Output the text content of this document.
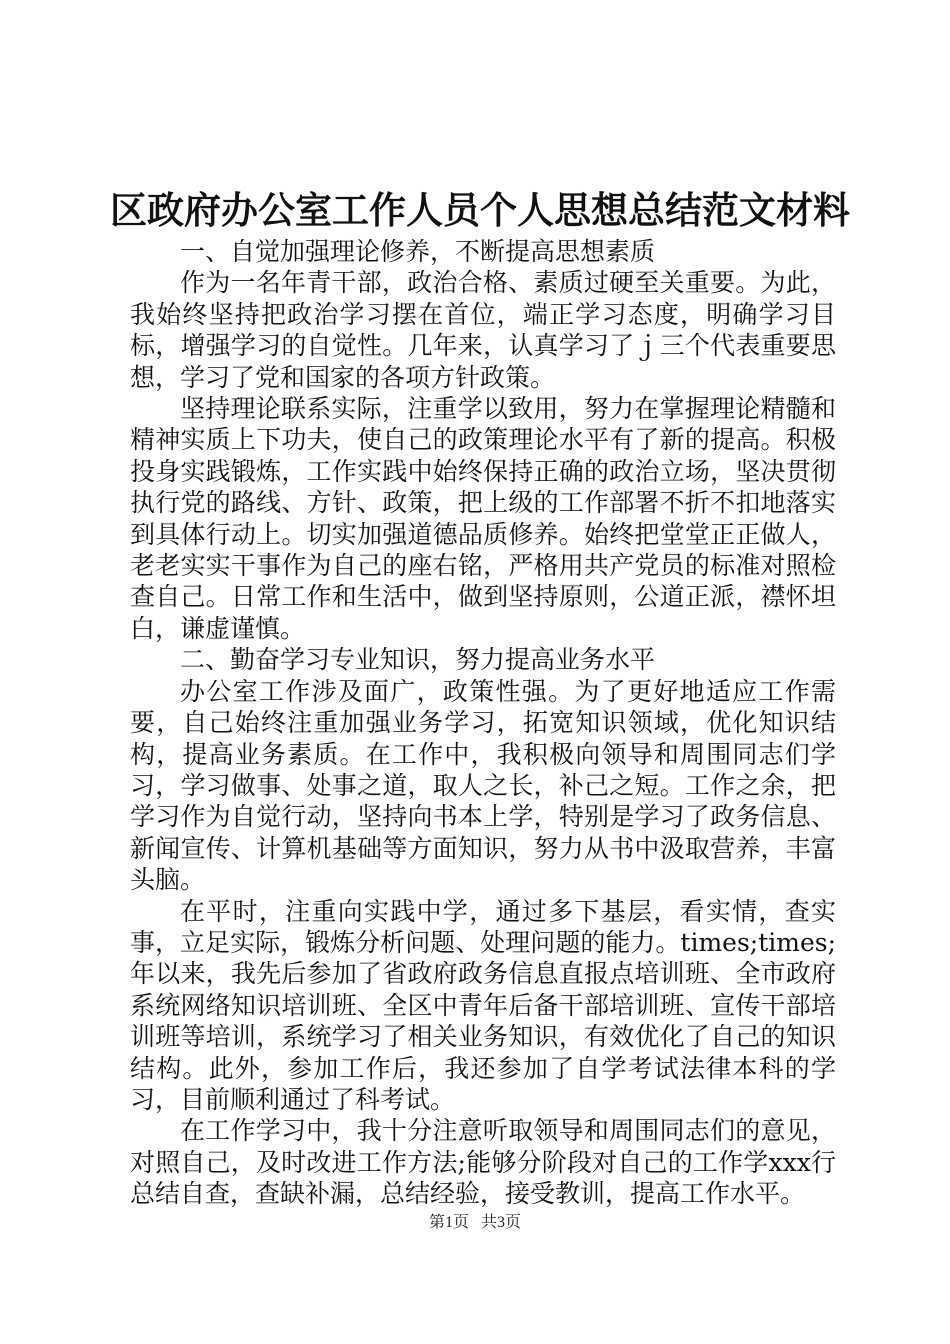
区政府办公室工作人员个人思想总结范文材料

一、自觉加强理论修养，不断提高思想素质

作为一名年青干部，政治合格、素质过硬至关重要。为此，我始终坚持把政治学习摆在首位，端正学习态度，明确学习目标，增强学习的自觉性。几年来，认真学习了ｊ三个代表重要思想，学习了党和国家的各项方针政策。

坚持理论联系实际，注重学以致用，努力在掌握理论精髓和精神实质上下功夫，使自己的政策理论水平有了新的提高。积极投身实践锻炼，工作实践中始终保持正确的政治立场，坚决贯彻执行党的路线、方针、政策，把上级的工作部署不折不扣地落实到具体行动上。切实加强道德品质修养。始终把堂堂正正做人，老老实实干事作为自己的座右铭，严格用共产党员的标准对照检查自己。日常工作和生活中，做到坚持原则，公道正派，襟怀坦白，谦虚谨慎。

二、勤奋学习专业知识，努力提高业务水平

办公室工作涉及面广，政策性强。为了更好地适应工作需要，自己始终注重加强业务学习，拓宽知识领域，优化知识结构，提高业务素质。在工作中，我积极向领导和周围同志们学习，学习做事、处事之道，取人之长，补己之短。工作之余，把学习作为自觉行动，坚持向书本上学，特别是学习了政务信息、新闻宣传、计算机基础等方面知识，努力从书中汲取营养，丰富头脑。

在平时，注重向实践中学，通过多下基层，看实情，查实事，立足实际，锻炼分析问题、处理问题的能力。times;times;年以来，我先后参加了省政府政务信息直报点培训班、全市政府系统网络知识培训班、全区中青年后备干部培训班、宣传干部培训班等培训，系统学习了相关业务知识，有效优化了自己的知识结构。此外，参加工作后，我还参加了自学考试法律本科的学习，目前顺利通过了科考试。

在工作学习中，我十分注意听取领导和周围同志们的意见，对照自己，及时改进工作方法;能够分阶段对自己的工作学xxx行总结自查，查缺补漏，总结经验，接受教训，提高工作水平。

第1页 共3页
